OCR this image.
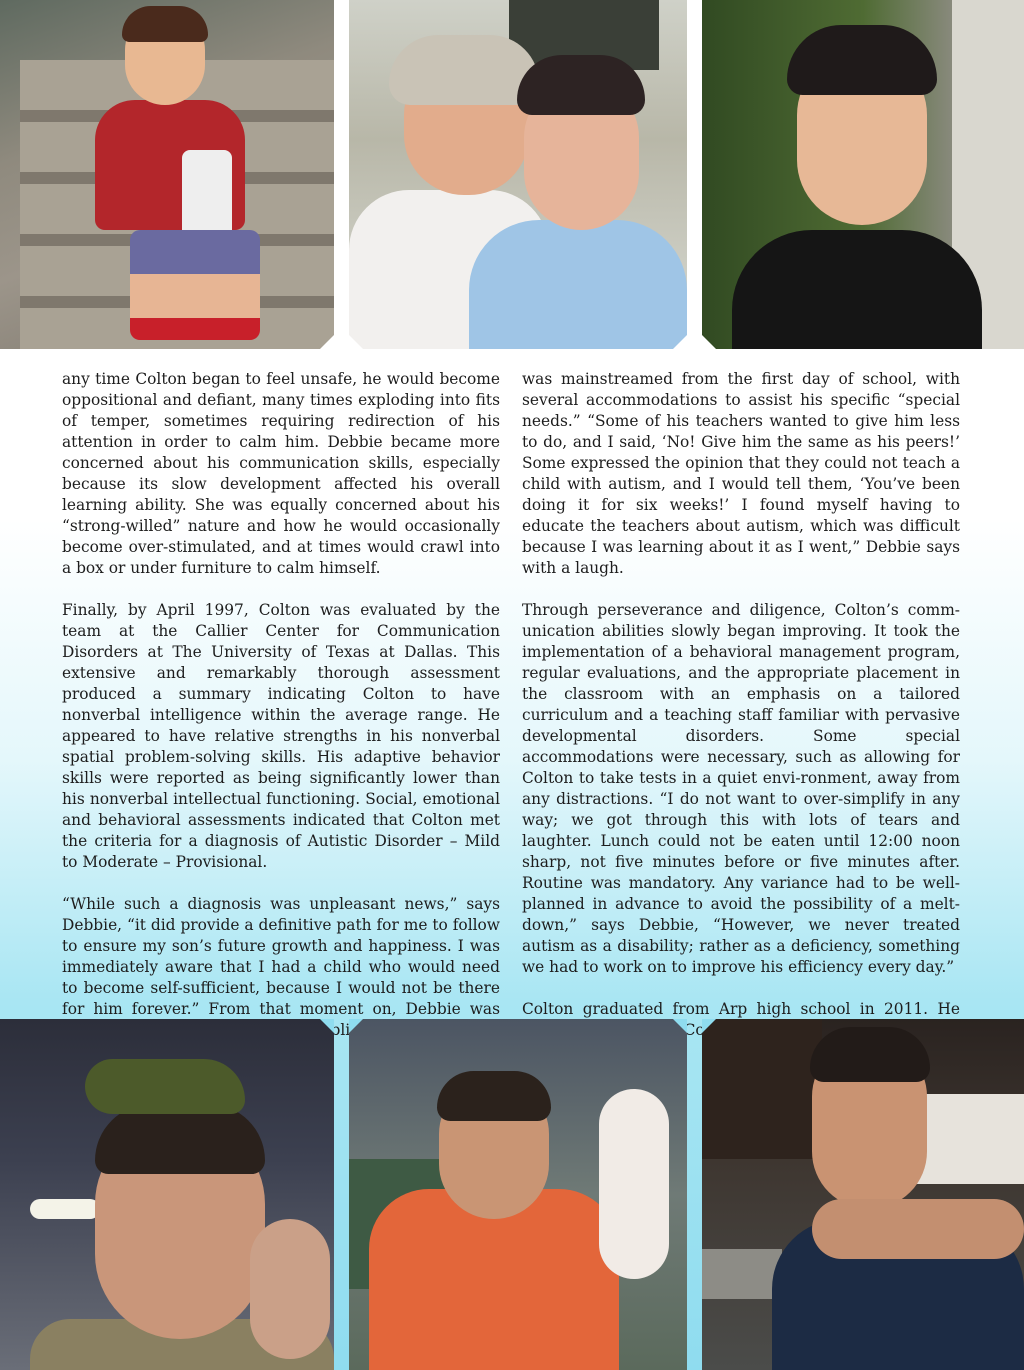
any time Colton began to feel unsafe, he would become oppositional and defiant, many times exploding into fits of temper, sometimes requiring redirection of his attention in order to calm him. Debbie became more concerned about his communication skills, especially because its slow development affected his overall learning ability. She was equally concerned about his “strong-willed” nature and how he would occasionally become over-stimulated, and at times would crawl into a box or under furniture to calm himself.

Finally, by April 1997, Colton was evaluated by the team at the Callier Center for Communication Disorders at The University of Texas at Dallas. This extensive and remarkably thorough assessment produced a summary indicating Colton to have nonverbal intelligence within the average range. He appeared to have relative strengths in his nonverbal spatial problem-solving skills. His adaptive behavior skills were reported as being significantly lower than his nonverbal intellectual functioning. Social, emotional and behavioral assessments indicated that Colton met the criteria for a diagnosis of Autistic Disorder – Mild to Moderate – Provisional.

“While such a diagnosis was unpleasant news,” says Debbie, “it did provide a definitive path for me to follow to ensure my son’s future growth and happiness. I was immediately aware that I had a child who would need to become self-sufficient, because I would not be there for him forever.” From that moment on, Debbie was public

was mainstreamed from the first day of school, with several accommodations to assist his specific “special needs.” “Some of his teachers wanted to give him less to do, and I said, ‘No! Give him the same as his peers!’ Some expressed the opinion that they could not teach a child with autism, and I would tell them, ‘You’ve been doing it for six weeks!’ I found myself having to educate the teachers about autism, which was difficult because I was learning about it as I went,” Debbie says with a laugh.

Through perseverance and diligence, Colton’s comm-unication abilities slowly began improving. It took the implementation of a behavioral management program, regular evaluations, and the appropriate placement in the classroom with an emphasis on a tailored curriculum and a teaching staff familiar with pervasive developmental disorders. Some special accommodations were necessary, such as allowing for Colton to take tests in a quiet envi-ronment, away from any distractions. “I do not want to over-simplify in any way; we got through this with lots of tears and laughter. Lunch could not be eaten until 12:00 noon sharp, not five minutes before or five minutes after. Routine was mandatory. Any variance had to be well-planned in advance to avoid the possibility of a melt-down,” says Debbie, “However, we never treated autism as a disability; rather as a deficiency, something we had to work on to improve his efficiency every day.”

Colton graduated from Arp high school in 2011. He
